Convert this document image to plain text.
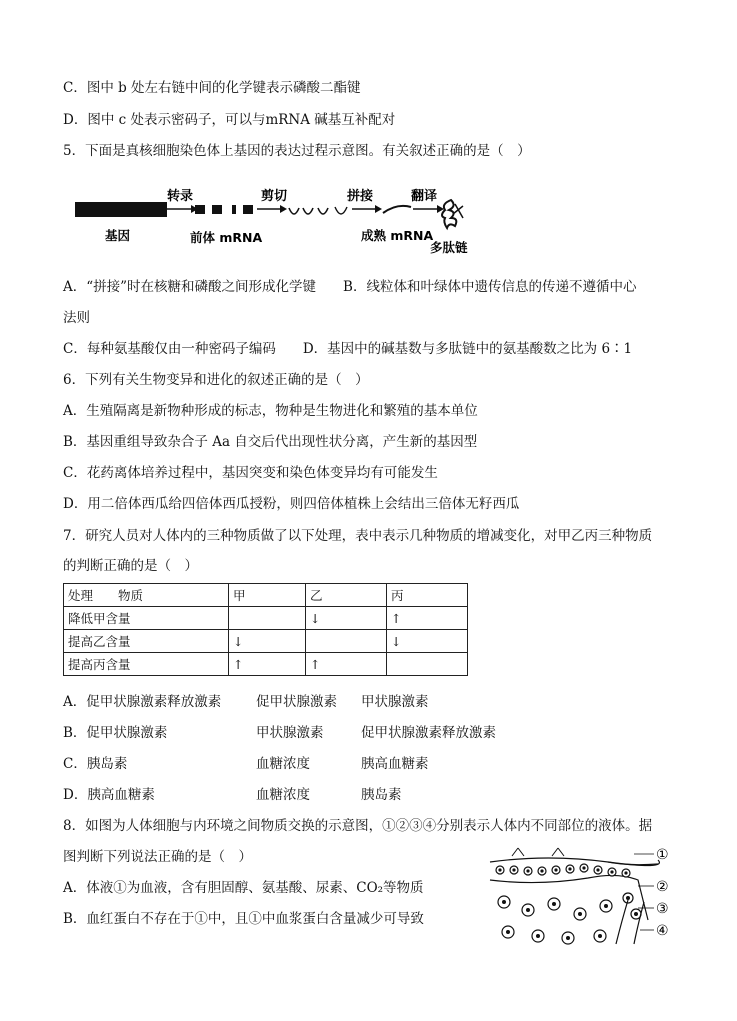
C．图中 b 处左右链中间的化学键表示磷酸二酯键
D．图中 c 处表示密码子，可以与mRNA 碱基互补配对
5．下面是真核细胞染色体上基因的表达过程示意图。有关叙述正确的是（　）
转录	剪切	拼接	翻译
基因	前体 mRNA	成熟 mRNA
多肽链
A．“拼接”时在核糖和磷酸之间形成化学键　　B．线粒体和叶绿体中遗传信息的传递不遵循中心
法则
C．每种氨基酸仅由一种密码子编码　　D．基因中的碱基数与多肽链中的氨基酸数之比为 6∶1
6．下列有关生物变异和进化的叙述正确的是（　）
A．生殖隔离是新物种形成的标志，物种是生物进化和繁殖的基本单位
B．基因重组导致杂合子 Aa 自交后代出现性状分离，产生新的基因型
C．花药离体培养过程中，基因突变和染色体变异均有可能发生
D．用二倍体西瓜给四倍体西瓜授粉，则四倍体植株上会结出三倍体无籽西瓜
7．研究人员对人体内的三种物质做了以下处理，表中表示几种物质的增减变化，对甲乙丙三种物质
的判断正确的是（　）
处理　　物质	甲	乙	丙
降低甲含量		↓	↑
提高乙含量	↓		↓
提高丙含量	↑	↑	
A．促甲状腺激素释放激素	促甲状腺激素 甲状腺激素
B．促甲状腺激素	甲状腺激素	促甲状腺激素释放激素
C．胰岛素	血糖浓度	胰高血糖素
D．胰高血糖素	血糖浓度	胰岛素
8．如图为人体细胞与内环境之间物质交换的示意图，①②③④分别表示人体内不同部位的液体。据
图判断下列说法正确的是（　）
A．体液①为血液，含有胆固醇、氨基酸、尿素、CO₂等物质
B．血红蛋白不存在于①中，且①中血浆蛋白含量减少可导致
①
②
③
④
